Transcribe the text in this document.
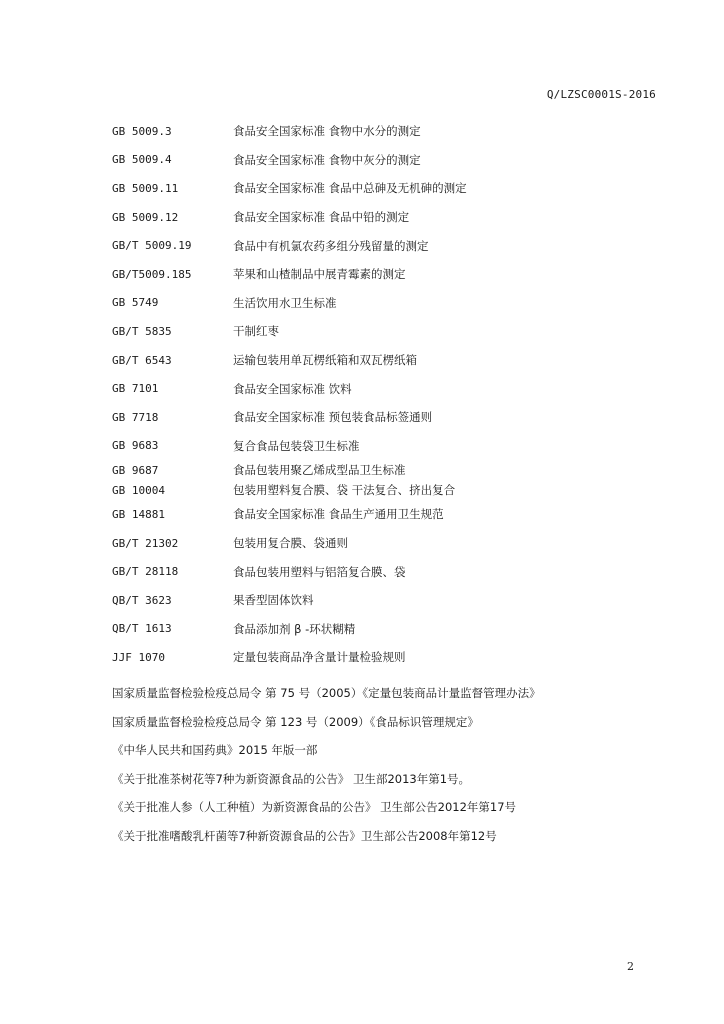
Q/LZSC0001S-2016
GB 5009.3	食品安全国家标准 食物中水分的测定
GB 5009.4	食品安全国家标准 食物中灰分的测定
GB 5009.11	食品安全国家标准 食品中总砷及无机砷的测定
GB 5009.12	食品安全国家标准 食品中铅的测定
GB/T 5009.19	食品中有机氯农药多组分残留量的测定
GB/T5009.185	苹果和山楂制品中展青霉素的测定
GB 5749	生活饮用水卫生标准
GB/T 5835	干制红枣
GB/T 6543	运输包装用单瓦楞纸箱和双瓦楞纸箱
GB 7101	食品安全国家标准 饮料
GB 7718	食品安全国家标准 预包装食品标签通则
GB 9683	复合食品包装袋卫生标准
GB 9687	食品包装用聚乙烯成型品卫生标准
GB 10004	包装用塑料复合膜、袋 干法复合、挤出复合
GB 14881	食品安全国家标准 食品生产通用卫生规范
GB/T 21302	包装用复合膜、袋通则
GB/T 28118	食品包装用塑料与铝箔复合膜、袋
QB/T 3623	果香型固体饮料
QB/T 1613	食品添加剂 β -环状糊精
JJF 1070	定量包装商品净含量计量检验规则
国家质量监督检验检疫总局令 第 75 号（2005）《定量包装商品计量监督管理办法》
国家质量监督检验检疫总局令 第 123 号（2009）《食品标识管理规定》
《中华人民共和国药典》2015 年版一部
《关于批准茶树花等7种为新资源食品的公告》 卫生部2013年第1号。
《关于批准人参（人工种植）为新资源食品的公告》 卫生部公告2012年第17号
《关于批准嗜酸乳杆菌等7种新资源食品的公告》卫生部公告2008年第12号
2
